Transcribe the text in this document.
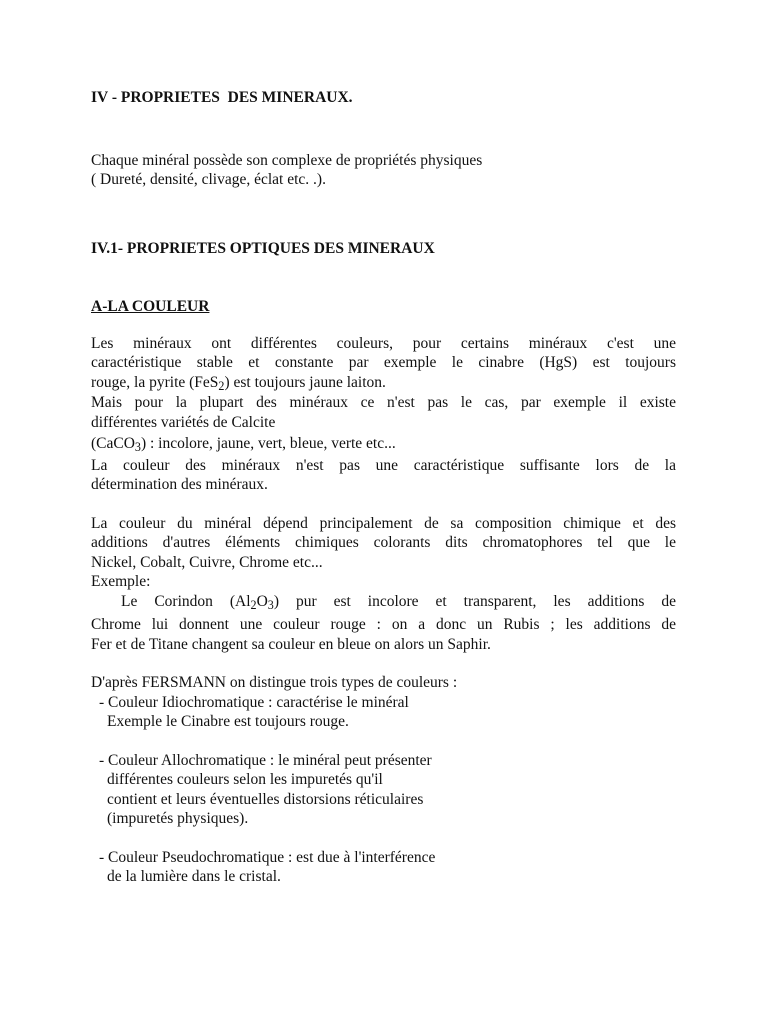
IV - PROPRIETES  DES MINERAUX.

Chaque minéral possède son complexe de propriétés physiques
( Dureté, densité, clivage, éclat etc. .).

IV.1- PROPRIETES OPTIQUES DES MINERAUX

A-LA COULEUR

Les minéraux ont différentes couleurs, pour certains minéraux c'est une
caractéristique stable et constante par exemple le cinabre (HgS) est toujours
rouge, la pyrite (FeS$_2$) est toujours jaune laiton.
Mais pour la plupart des minéraux ce n'est pas le cas, par exemple il existe
différentes variétés de Calcite
(CaCO$_3$) : incolore, jaune, vert, bleue, verte etc...
La couleur des minéraux n'est pas une caractéristique suffisante lors de la
détermination des minéraux.
La couleur du minéral dépend principalement de sa composition chimique et des
additions d'autres éléments chimiques colorants dits chromatophores tel que le
Nickel, Cobalt, Cuivre, Chrome etc...
Exemple:
Le Corindon $(Al_2O_3)$ pur est incolore et transparent, les additions de
Chrome lui donnent une couleur rouge : on a donc un Rubis ; les additions de
Fer et de Titane changent sa couleur en bleue on alors un Saphir.
D'après FERSMANN on distingue trois types de couleurs :
- Couleur Idiochromatique : caractérise le minéral
Exemple le Cinabre est toujours rouge.
- Couleur Allochromatique : le minéral peut présenter
différentes couleurs selon les impuretés qu'il
contient et leurs éventuelles distorsions réticulaires
(impuretés physiques).
- Couleur Pseudochromatique : est due à l'interférence
de la lumière dans le cristal.
